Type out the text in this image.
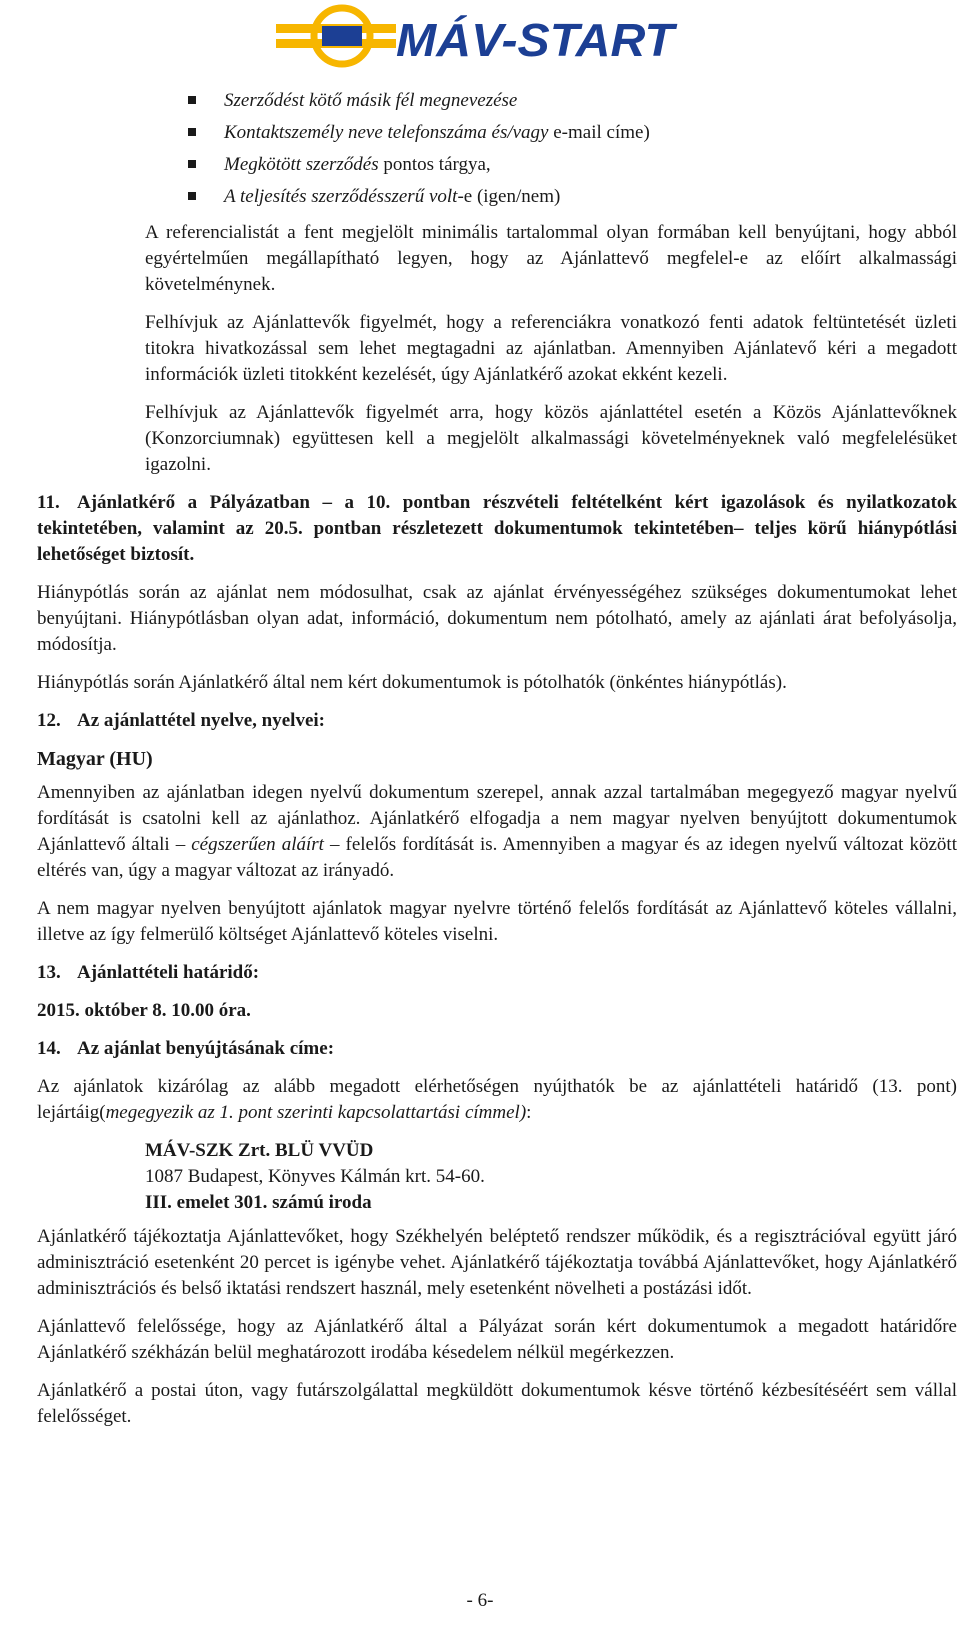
MÁV-START
Szerződést kötő másik fél megnevezése
Kontaktszemély neve telefonszáma és/vagy e-mail címe)
Megkötött szerződés pontos tárgya,
A teljesítés szerződésszerű volt-e (igen/nem)

A referencialistát a fent megjelölt minimális tartalommal olyan formában kell benyújtani, hogy abból egyértelműen megállapítható legyen, hogy az Ajánlattevő megfelel-e az előírt alkalmassági követelménynek.

Felhívjuk az Ajánlattevők figyelmét, hogy a referenciákra vonatkozó fenti adatok feltüntetését üzleti titokra hivatkozással sem lehet megtagadni az ajánlatban. Amennyiben Ajánlatevő kéri a megadott információk üzleti titokként kezelését, úgy Ajánlatkérő azokat ekként kezeli.

Felhívjuk az Ajánlattevők figyelmét arra, hogy közös ajánlattétel esetén a Közös Ajánlattevőknek (Konzorciumnak) együttesen kell a megjelölt alkalmassági követelményeknek való megfelelésüket igazolni.

11. Ajánlatkérő a Pályázatban – a 10. pontban részvételi feltételként kért igazolások és nyilatkozatok tekintetében, valamint az 20.5. pontban részletezett dokumentumok tekintetében– teljes körű hiánypótlási lehetőséget biztosít.

Hiánypótlás során az ajánlat nem módosulhat, csak az ajánlat érvényességéhez szükséges dokumentumokat lehet benyújtani. Hiánypótlásban olyan adat, információ, dokumentum nem pótolható, amely az ajánlati árat befolyásolja, módosítja.

Hiánypótlás során Ajánlatkérő által nem kért dokumentumok is pótolhatók (önkéntes hiánypótlás).

12. Az ajánlattétel nyelve, nyelvei:
Magyar (HU)

Amennyiben az ajánlatban idegen nyelvű dokumentum szerepel, annak azzal tartalmában megegyező magyar nyelvű fordítását is csatolni kell az ajánlathoz. Ajánlatkérő elfogadja a nem magyar nyelven benyújtott dokumentumok Ajánlattevő általi – cégszerűen aláírt – felelős fordítását is. Amennyiben a magyar és az idegen nyelvű változat között eltérés van, úgy a magyar változat az irányadó.

A nem magyar nyelven benyújtott ajánlatok magyar nyelvre történő felelős fordítását az Ajánlattevő köteles vállalni, illetve az így felmerülő költséget Ajánlattevő köteles viselni.

13. Ajánlattételi határidő:

2015. október 8. 10.00 óra.

14. Az ajánlat benyújtásának címe:

Az ajánlatok kizárólag az alább megadott elérhetőségen nyújthatók be az ajánlattételi határidő (13. pont) lejártáig(megegyezik az 1. pont szerinti kapcsolattartási címmel):

MÁV-SZK Zrt. BLÜ VVÜD
1087 Budapest, Könyves Kálmán krt. 54-60.
III. emelet 301. számú iroda

Ajánlatkérő tájékoztatja Ajánlattevőket, hogy Székhelyén beléptető rendszer működik, és a regisztrációval együtt járó adminisztráció esetenként 20 percet is igénybe vehet. Ajánlatkérő tájékoztatja továbbá Ajánlattevőket, hogy Ajánlatkérő adminisztrációs és belső iktatási rendszert használ, mely esetenként növelheti a postázási időt.

Ajánlattevő felelőssége, hogy az Ajánlatkérő által a Pályázat során kért dokumentumok a megadott határidőre Ajánlatkérő székházán belül meghatározott irodába késedelem nélkül megérkezzen.

Ajánlatkérő a postai úton, vagy futárszolgálattal megküldött dokumentumok késve történő kézbesítéséért sem vállal felelősséget.

- 6-
